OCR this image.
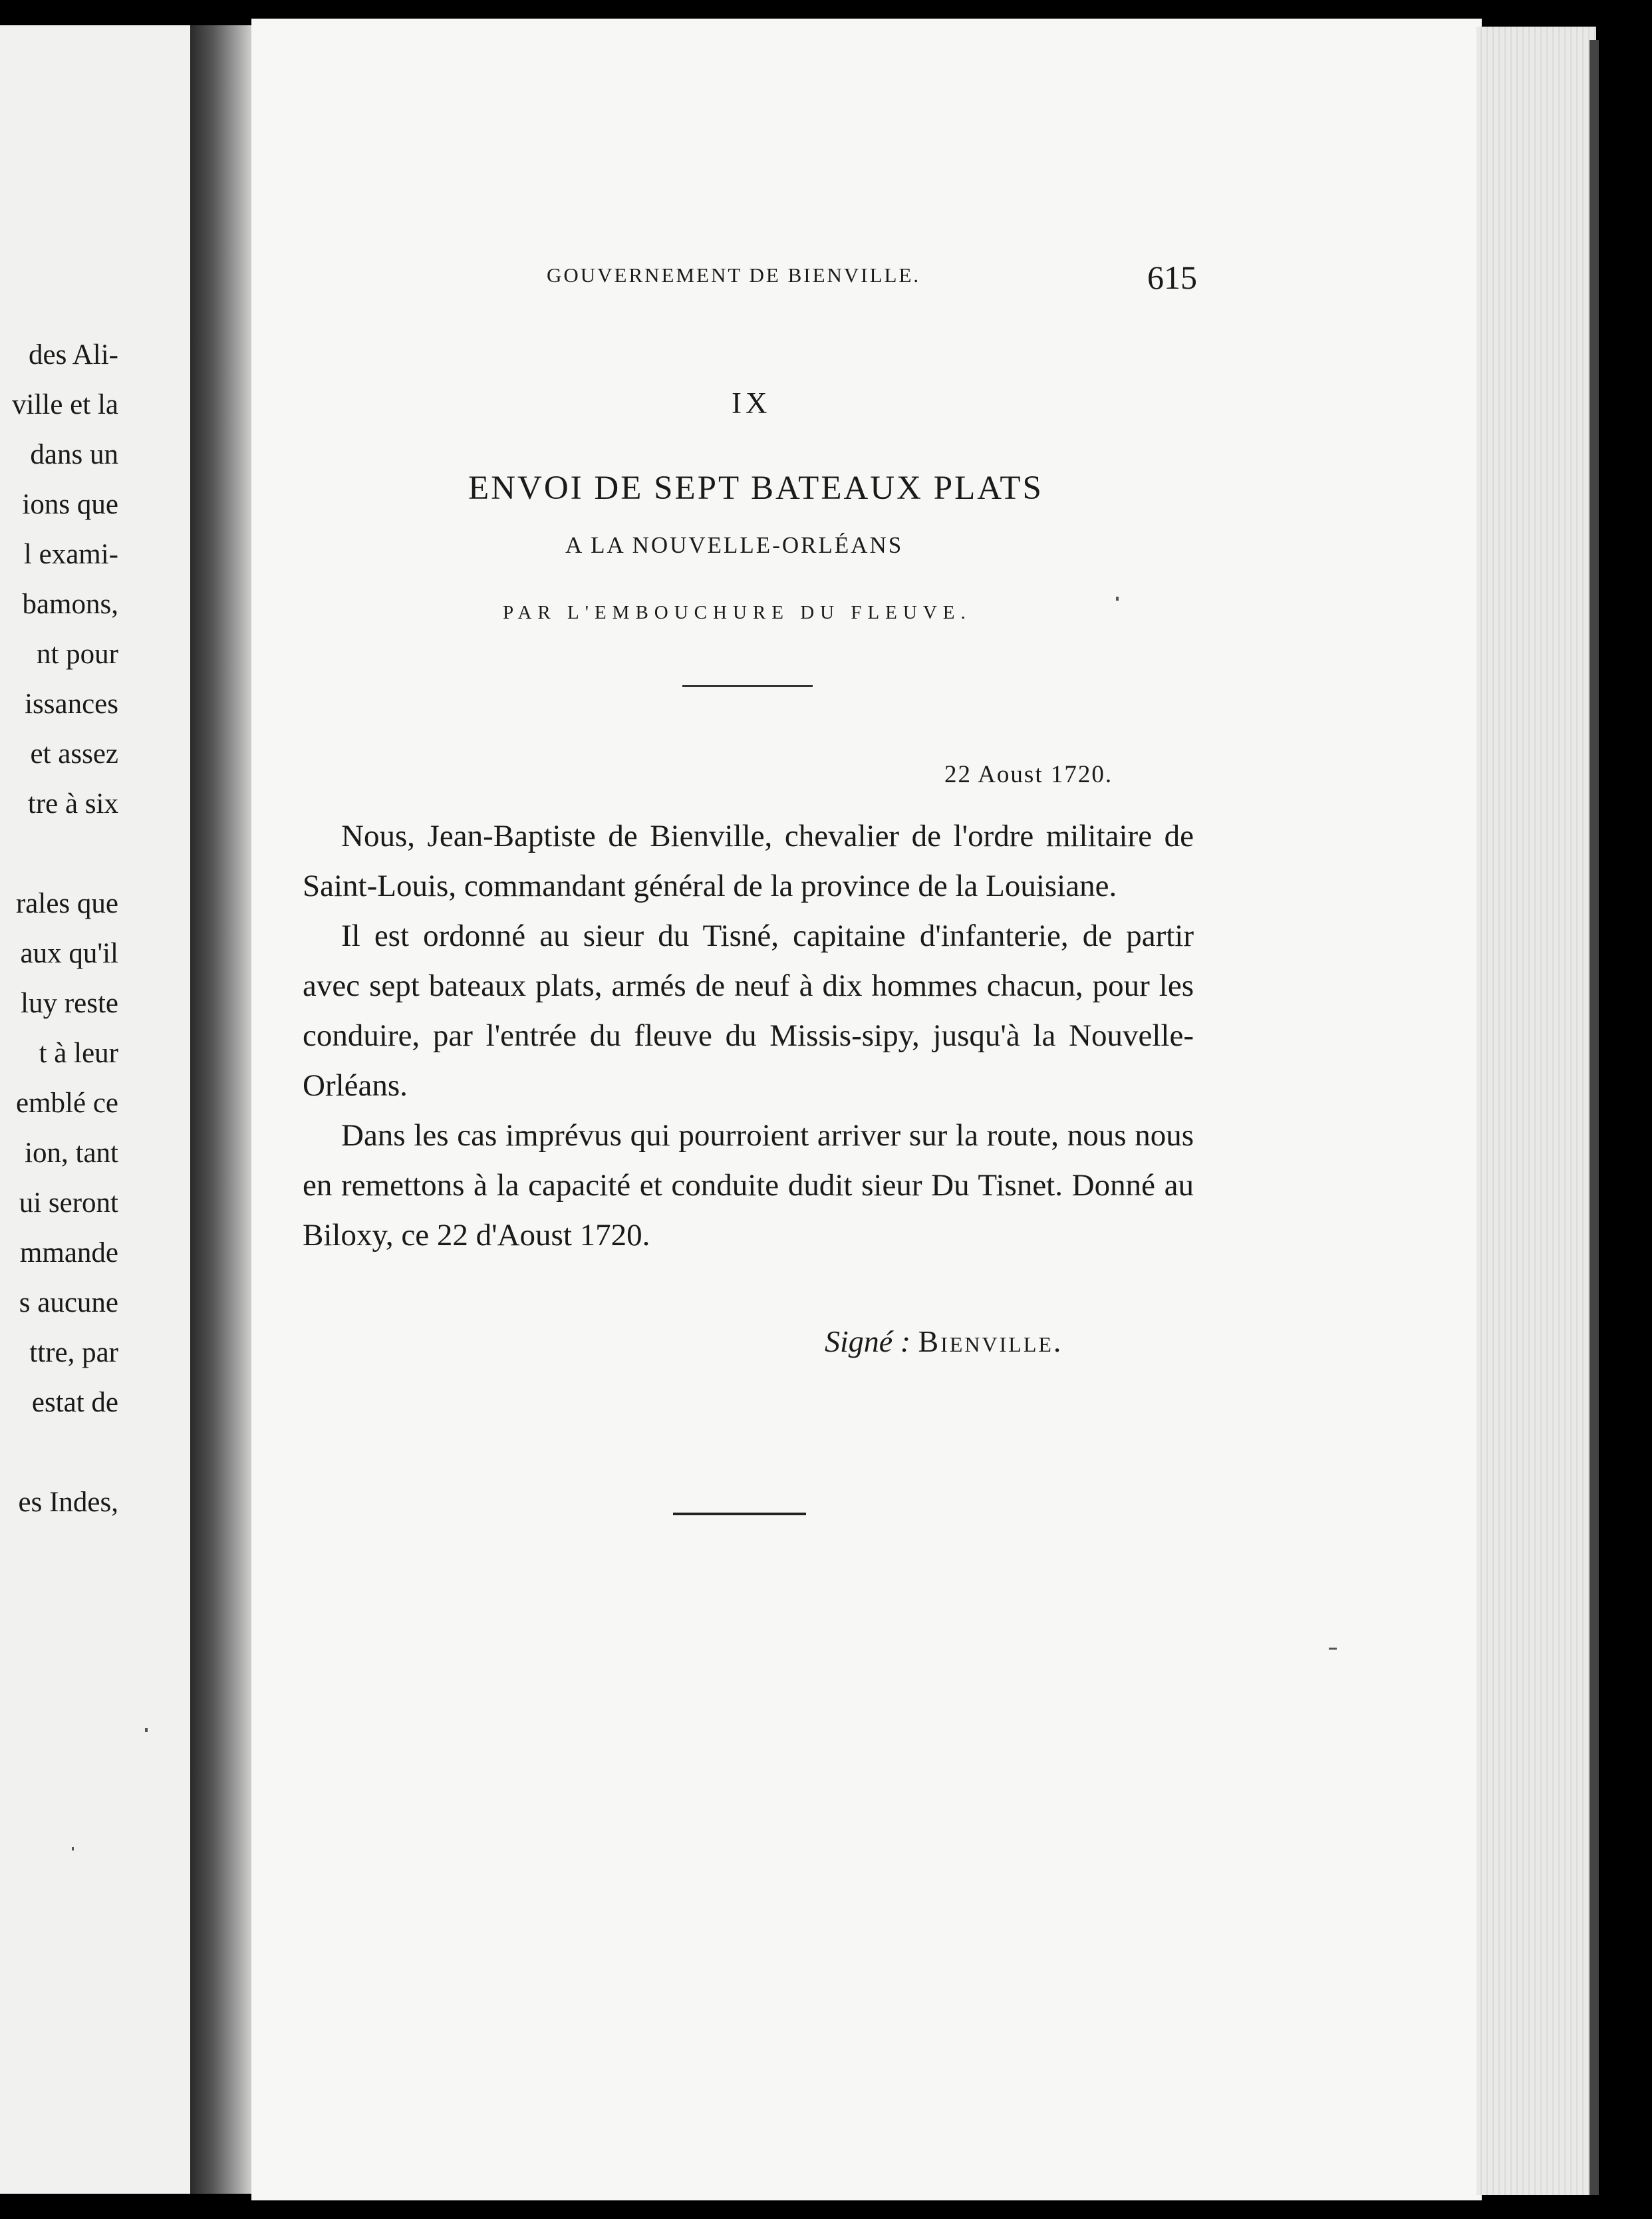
des Ali-
ville et la
dans un
ions que
l exami-
bamons,
nt pour
issances
et assez
tre à six
rales que
aux qu'il
luy reste
t à leur
emblé ce
ion, tant
ui seront
mmande
s aucune
ttre, par
estat de
es Indes,
GOUVERNEMENT DE BIENVILLE.	615
IX
ENVOI DE SEPT BATEAUX PLATS
A LA NOUVELLE-ORLÉANS
PAR L'EMBOUCHURE DU FLEUVE.
22 Aoust 1720.

Nous, Jean-Baptiste de Bienville, chevalier de l'ordre militaire de Saint-Louis, commandant général de la province de la Louisiane.

Il est ordonné au sieur du Tisné, capitaine d'infanterie, de partir avec sept bateaux plats, armés de neuf à dix hommes chacun, pour les conduire, par l'entrée du fleuve du Missis-sipy, jusqu'à la Nouvelle-Orléans.

Dans les cas imprévus qui pourroient arriver sur la route, nous nous en remettons à la capacité et conduite dudit sieur Du Tisnet. Donné au Biloxy, ce 22 d'Aoust 1720.

Signé : Bienville.
